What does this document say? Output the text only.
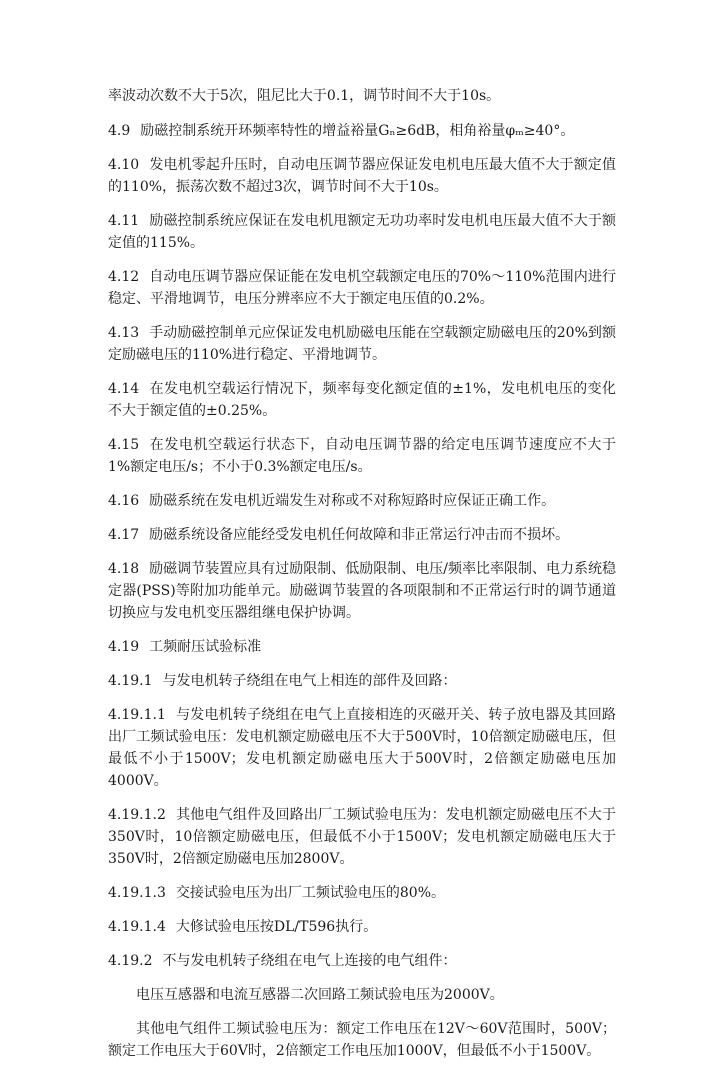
率波动次数不大于5次，阻尼比大于0.1，调节时间不大于10s。

4.9 励磁控制系统开环频率特性的增益裕量Gₙ≥6dB，相角裕量φₘ≥40°。

4.10 发电机零起升压时，自动电压调节器应保证发电机电压最大值不大于额定值的110%，振荡次数不超过3次，调节时间不大于10s。

4.11 励磁控制系统应保证在发电机甩额定无功功率时发电机电压最大值不大于额定值的115%。

4.12 自动电压调节器应保证能在发电机空载额定电压的70%～110%范围内进行稳定、平滑地调节，电压分辨率应不大于额定电压值的0.2%。

4.13 手动励磁控制单元应保证发电机励磁电压能在空载额定励磁电压的20%到额定励磁电压的110%进行稳定、平滑地调节。

4.14 在发电机空载运行情况下，频率每变化额定值的±1%，发电机电压的变化不大于额定值的±0.25%。

4.15 在发电机空载运行状态下，自动电压调节器的给定电压调节速度应不大于1%额定电压/s；不小于0.3%额定电压/s。

4.16 励磁系统在发电机近端发生对称或不对称短路时应保证正确工作。

4.17 励磁系统设备应能经受发电机任何故障和非正常运行冲击而不损坏。

4.18 励磁调节装置应具有过励限制、低励限制、电压/频率比率限制、电力系统稳定器(PSS)等附加功能单元。励磁调节装置的各项限制和不正常运行时的调节通道切换应与发电机变压器组继电保护协调。

4.19 工频耐压试验标准

4.19.1 与发电机转子绕组在电气上相连的部件及回路：

4.19.1.1 与发电机转子绕组在电气上直接相连的灭磁开关、转子放电器及其回路出厂工频试验电压：发电机额定励磁电压不大于500V时，10倍额定励磁电压，但最低不小于1500V；发电机额定励磁电压大于500V时，2倍额定励磁电压加4000V。

4.19.1.2 其他电气组件及回路出厂工频试验电压为：发电机额定励磁电压不大于350V时，10倍额定励磁电压，但最低不小于1500V；发电机额定励磁电压大于350V时，2倍额定励磁电压加2800V。

4.19.1.3 交接试验电压为出厂工频试验电压的80%。

4.19.1.4 大修试验电压按DL/T596执行。

4.19.2 不与发电机转子绕组在电气上连接的电气组件：

电压互感器和电流互感器二次回路工频试验电压为2000V。

其他电气组件工频试验电压为：额定工作电压在12V～60V范围时，500V；额定工作电压大于60V时，2倍额定工作电压加1000V，但最低不小于1500V。
